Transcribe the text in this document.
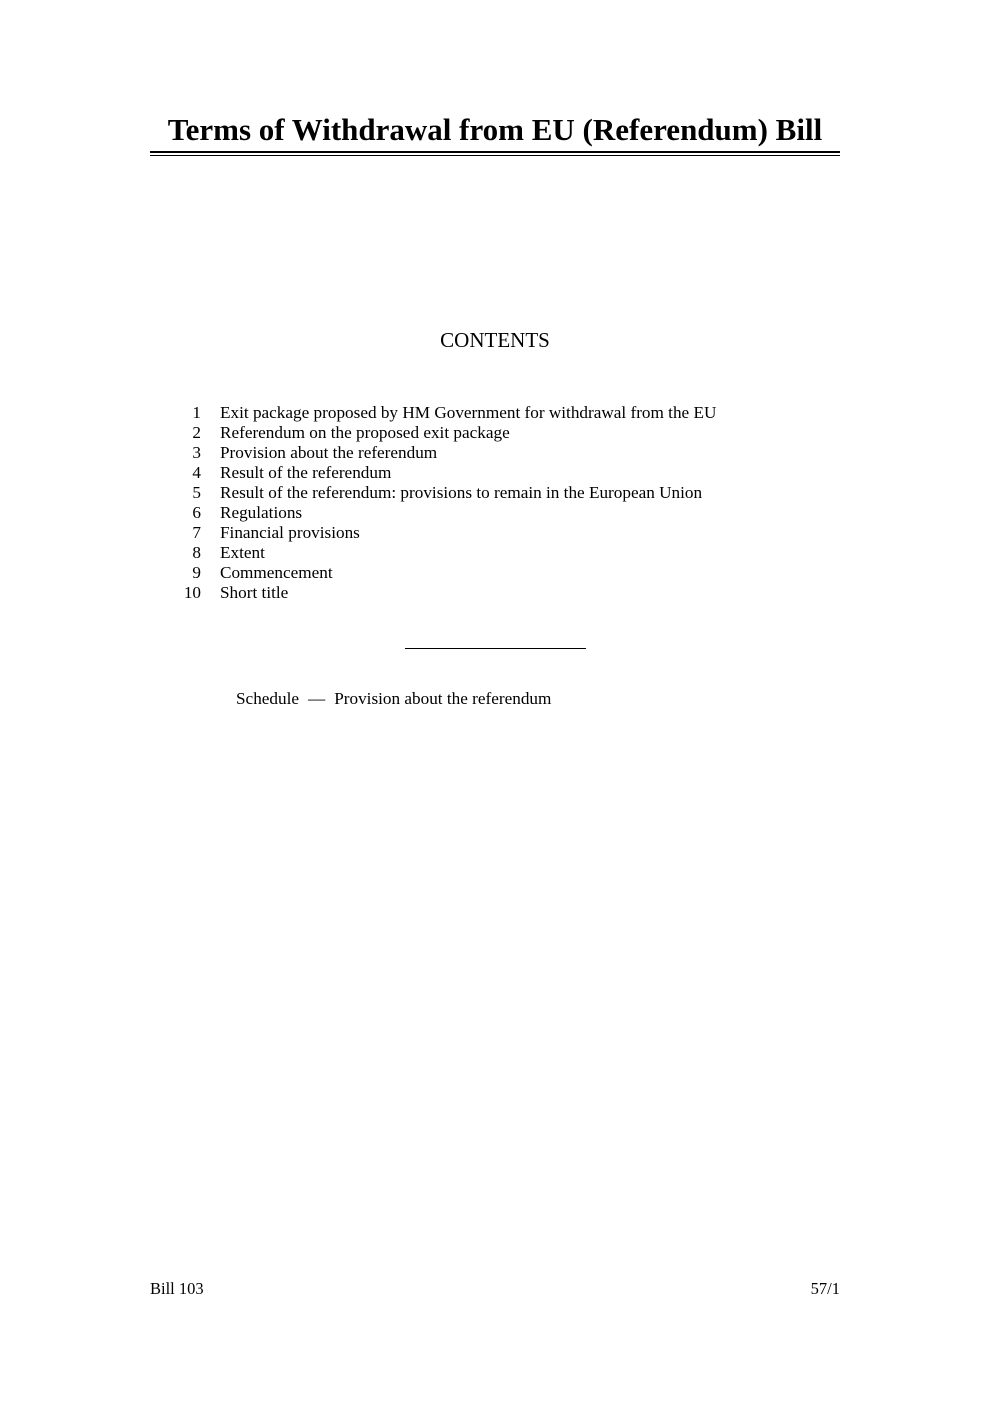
Terms of Withdrawal from EU (Referendum) Bill
CONTENTS
1 Exit package proposed by HM Government for withdrawal from the EU
2 Referendum on the proposed exit package
3 Provision about the referendum
4 Result of the referendum
5 Result of the referendum: provisions to remain in the European Union
6 Regulations
7 Financial provisions
8 Extent
9 Commencement
10 Short title
Schedule — Provision about the referendum
Bill 103	57/1
